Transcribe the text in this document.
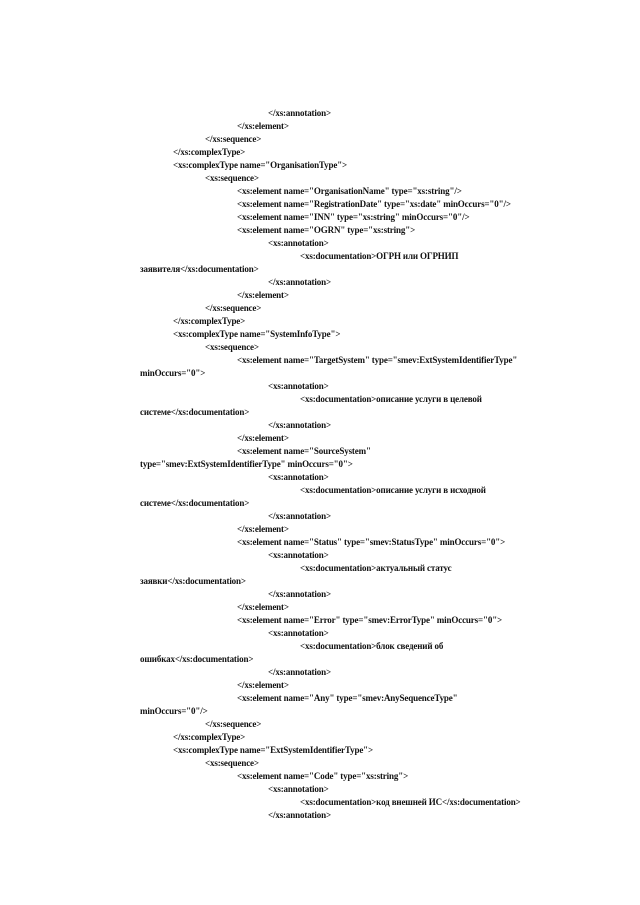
</xs:annotation>
</xs:element>
</xs:sequence>
</xs:complexType>
<xs:complexType name="OrganisationType">
<xs:sequence>
<xs:element name="OrganisationName" type="xs:string"/>
<xs:element name="RegistrationDate" type="xs:date" minOccurs="0"/>
<xs:element name="INN" type="xs:string" minOccurs="0"/>
<xs:element name="OGRN" type="xs:string">
<xs:annotation>
<xs:documentation>ОГРН или ОГРНИП
заявителя</xs:documentation>
</xs:annotation>
</xs:element>
</xs:sequence>
</xs:complexType>
<xs:complexType name="SystemInfoType">
<xs:sequence>
<xs:element name="TargetSystem" type="smev:ExtSystemIdentifierType"
minOccurs="0">
<xs:annotation>
<xs:documentation>описание услуги в целевой
системе</xs:documentation>
</xs:annotation>
</xs:element>
<xs:element name="SourceSystem"
type="smev:ExtSystemIdentifierType" minOccurs="0">
<xs:annotation>
<xs:documentation>описание услуги в исходной
системе</xs:documentation>
</xs:annotation>
</xs:element>
<xs:element name="Status" type="smev:StatusType" minOccurs="0">
<xs:annotation>
<xs:documentation>актуальный статус
заявки</xs:documentation>
</xs:annotation>
</xs:element>
<xs:element name="Error" type="smev:ErrorType" minOccurs="0">
<xs:annotation>
<xs:documentation>блок сведений об
ошибках</xs:documentation>
</xs:annotation>
</xs:element>
<xs:element name="Any" type="smev:AnySequenceType"
minOccurs="0"/>
</xs:sequence>
</xs:complexType>
<xs:complexType name="ExtSystemIdentifierType">
<xs:sequence>
<xs:element name="Code" type="xs:string">
<xs:annotation>
<xs:documentation>код внешней ИС</xs:documentation>
</xs:annotation>
